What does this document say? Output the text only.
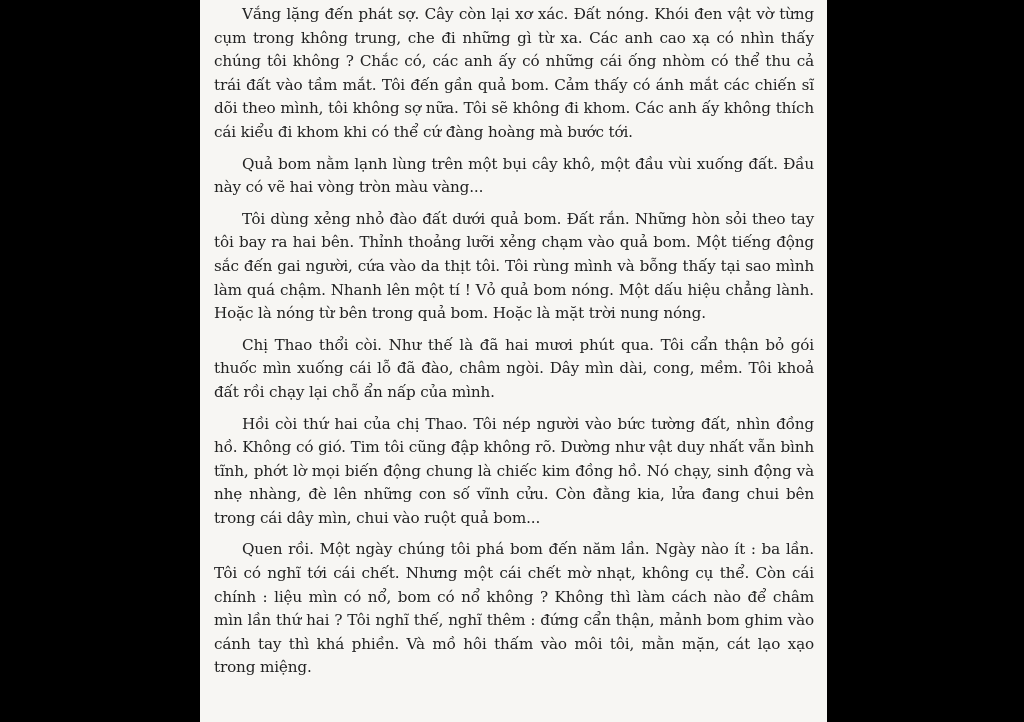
Vắng lặng đến phát sợ. Cây còn lại xơ xác. Đất nóng. Khói đen vật vờ từng cụm trong không trung, che đi những gì từ xa. Các anh cao xạ có nhìn thấy chúng tôi không ? Chắc có, các anh ấy có những cái ống nhòm có thể thu cả trái đất vào tầm mắt. Tôi đến gần quả bom. Cảm thấy có ánh mắt các chiến sĩ dõi theo mình, tôi không sợ nữa. Tôi sẽ không đi khom. Các anh ấy không thích cái kiểu đi khom khi có thể cứ đàng hoàng mà bước tới.

Quả bom nằm lạnh lùng trên một bụi cây khô, một đầu vùi xuống đất. Đầu này có vẽ hai vòng tròn màu vàng...

Tôi dùng xẻng nhỏ đào đất dưới quả bom. Đất rắn. Những hòn sỏi theo tay tôi bay ra hai bên. Thỉnh thoảng lưỡi xẻng chạm vào quả bom. Một tiếng động sắc đến gai người, cứa vào da thịt tôi. Tôi rùng mình và bỗng thấy tại sao mình làm quá chậm. Nhanh lên một tí ! Vỏ quả bom nóng. Một dấu hiệu chẳng lành. Hoặc là nóng từ bên trong quả bom. Hoặc là mặt trời nung nóng.

Chị Thao thổi còi. Như thế là đã hai mươi phút qua. Tôi cẩn thận bỏ gói thuốc mìn xuống cái lỗ đã đào, châm ngòi. Dây mìn dài, cong, mềm. Tôi khoả đất rồi chạy lại chỗ ẩn nấp của mình.

Hồi còi thứ hai của chị Thao. Tôi nép người vào bức tường đất, nhìn đồng hồ. Không có gió. Tim tôi cũng đập không rõ. Dường như vật duy nhất vẫn bình tĩnh, phớt lờ mọi biến động chung là chiếc kim đồng hồ. Nó chạy, sinh động và nhẹ nhàng, đè lên những con số vĩnh cửu. Còn đằng kia, lửa đang chui bên trong cái dây mìn, chui vào ruột quả bom...

Quen rồi. Một ngày chúng tôi phá bom đến năm lần. Ngày nào ít : ba lần. Tôi có nghĩ tới cái chết. Nhưng một cái chết mờ nhạt, không cụ thể. Còn cái chính : liệu mìn có nổ, bom có nổ không ? Không thì làm cách nào để châm mìn lần thứ hai ? Tôi nghĩ thế, nghĩ thêm : đứng cẩn thận, mảnh bom ghim vào cánh tay thì khá phiền. Và mồ hôi thấm vào môi tôi, mằn mặn, cát lạo xạo trong miệng.
